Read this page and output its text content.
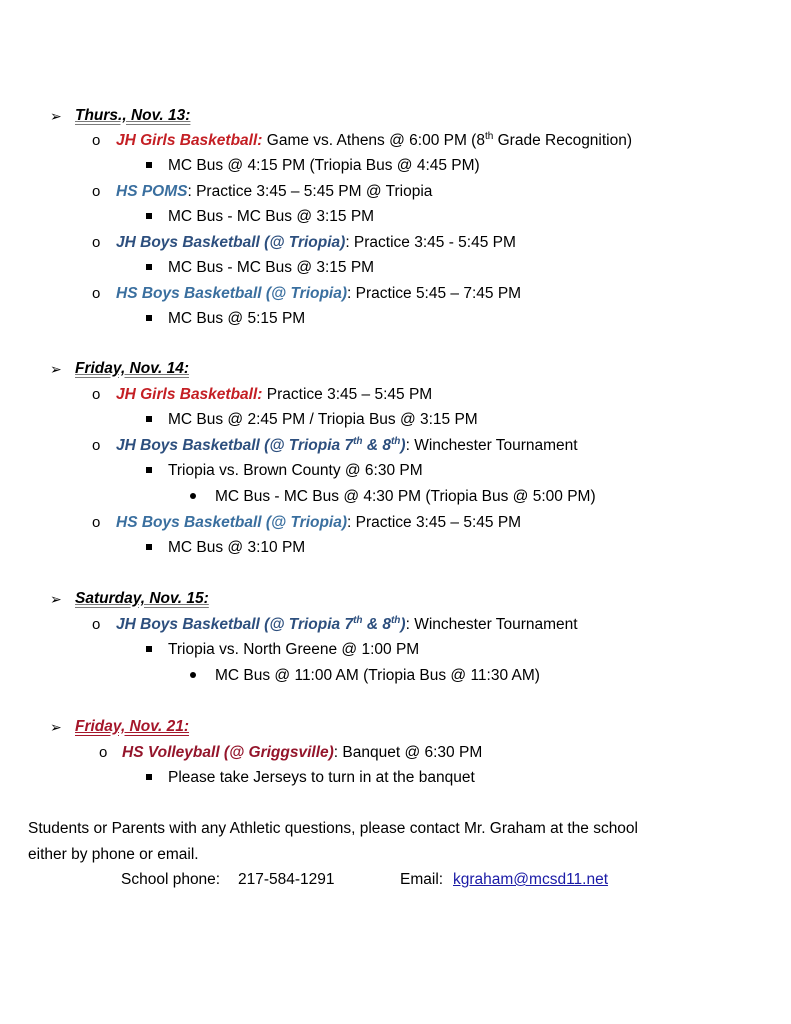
➢ Thurs., Nov. 13:
o JH Girls Basketball: Game vs. Athens @ 6:00 PM (8th Grade Recognition)
MC Bus @ 4:15 PM (Triopia Bus @ 4:45 PM)
o HS POMS: Practice 3:45 – 5:45 PM @ Triopia
MC Bus - MC Bus @ 3:15 PM
o JH Boys Basketball (@ Triopia): Practice 3:45 - 5:45 PM
MC Bus - MC Bus @ 3:15 PM
o HS Boys Basketball (@ Triopia): Practice 5:45 – 7:45 PM
MC Bus @ 5:15 PM
➢ Friday, Nov. 14:
o JH Girls Basketball: Practice 3:45 – 5:45 PM
MC Bus @ 2:45 PM / Triopia Bus @ 3:15 PM
o JH Boys Basketball (@ Triopia 7th & 8th): Winchester Tournament
Triopia vs. Brown County @ 6:30 PM
MC Bus - MC Bus @ 4:30 PM (Triopia Bus @ 5:00 PM)
o HS Boys Basketball (@ Triopia): Practice 3:45 – 5:45 PM
MC Bus @ 3:10 PM
➢ Saturday, Nov. 15:
o JH Boys Basketball (@ Triopia 7th & 8th): Winchester Tournament
Triopia vs. North Greene @ 1:00 PM
MC Bus @ 11:00 AM (Triopia Bus @ 11:30 AM)
➢ Friday, Nov. 21:
o HS Volleyball (@ Griggsville): Banquet @ 6:30 PM
Please take Jerseys to turn in at the banquet
Students or Parents with any Athletic questions, please contact Mr. Graham at the school
either by phone or email.
School phone: 217-584-1291	Email: kgraham@mcsd11.net
